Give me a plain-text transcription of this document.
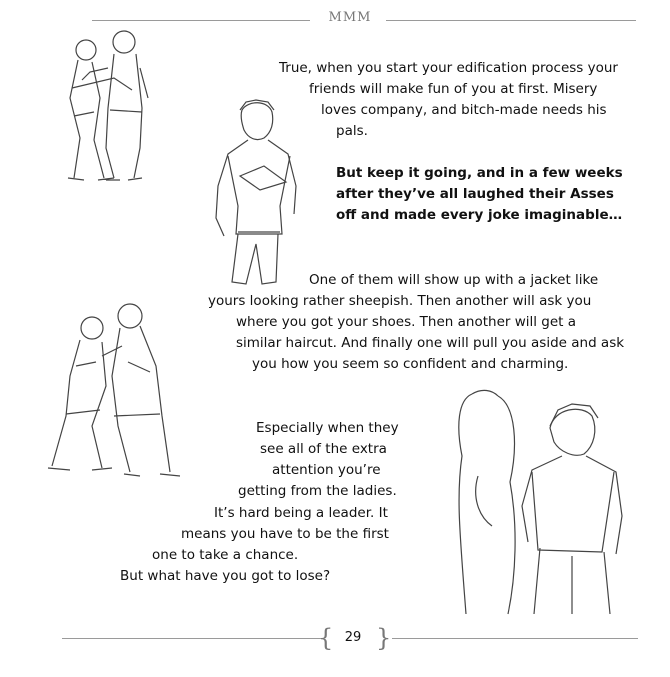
MMM
True, when you start your edification process your
friends will make fun of you at first. Misery
loves company, and bitch-made needs his
pals.
But keep it going, and in a few weeks
after they’ve all laughed their Asses
off and made every joke imaginable…
One of them will show up with a jacket like
yours looking rather sheepish. Then another will ask you
where you got your shoes. Then another will get a
similar haircut. And finally one will pull you aside and ask
you how you seem so confident and charming.
Especially when they
see all of the extra
attention you’re
getting from the ladies.
It’s hard being a leader. It
means you have to be the first
one to take a chance.
But what have you got to lose?
{ 29 }
